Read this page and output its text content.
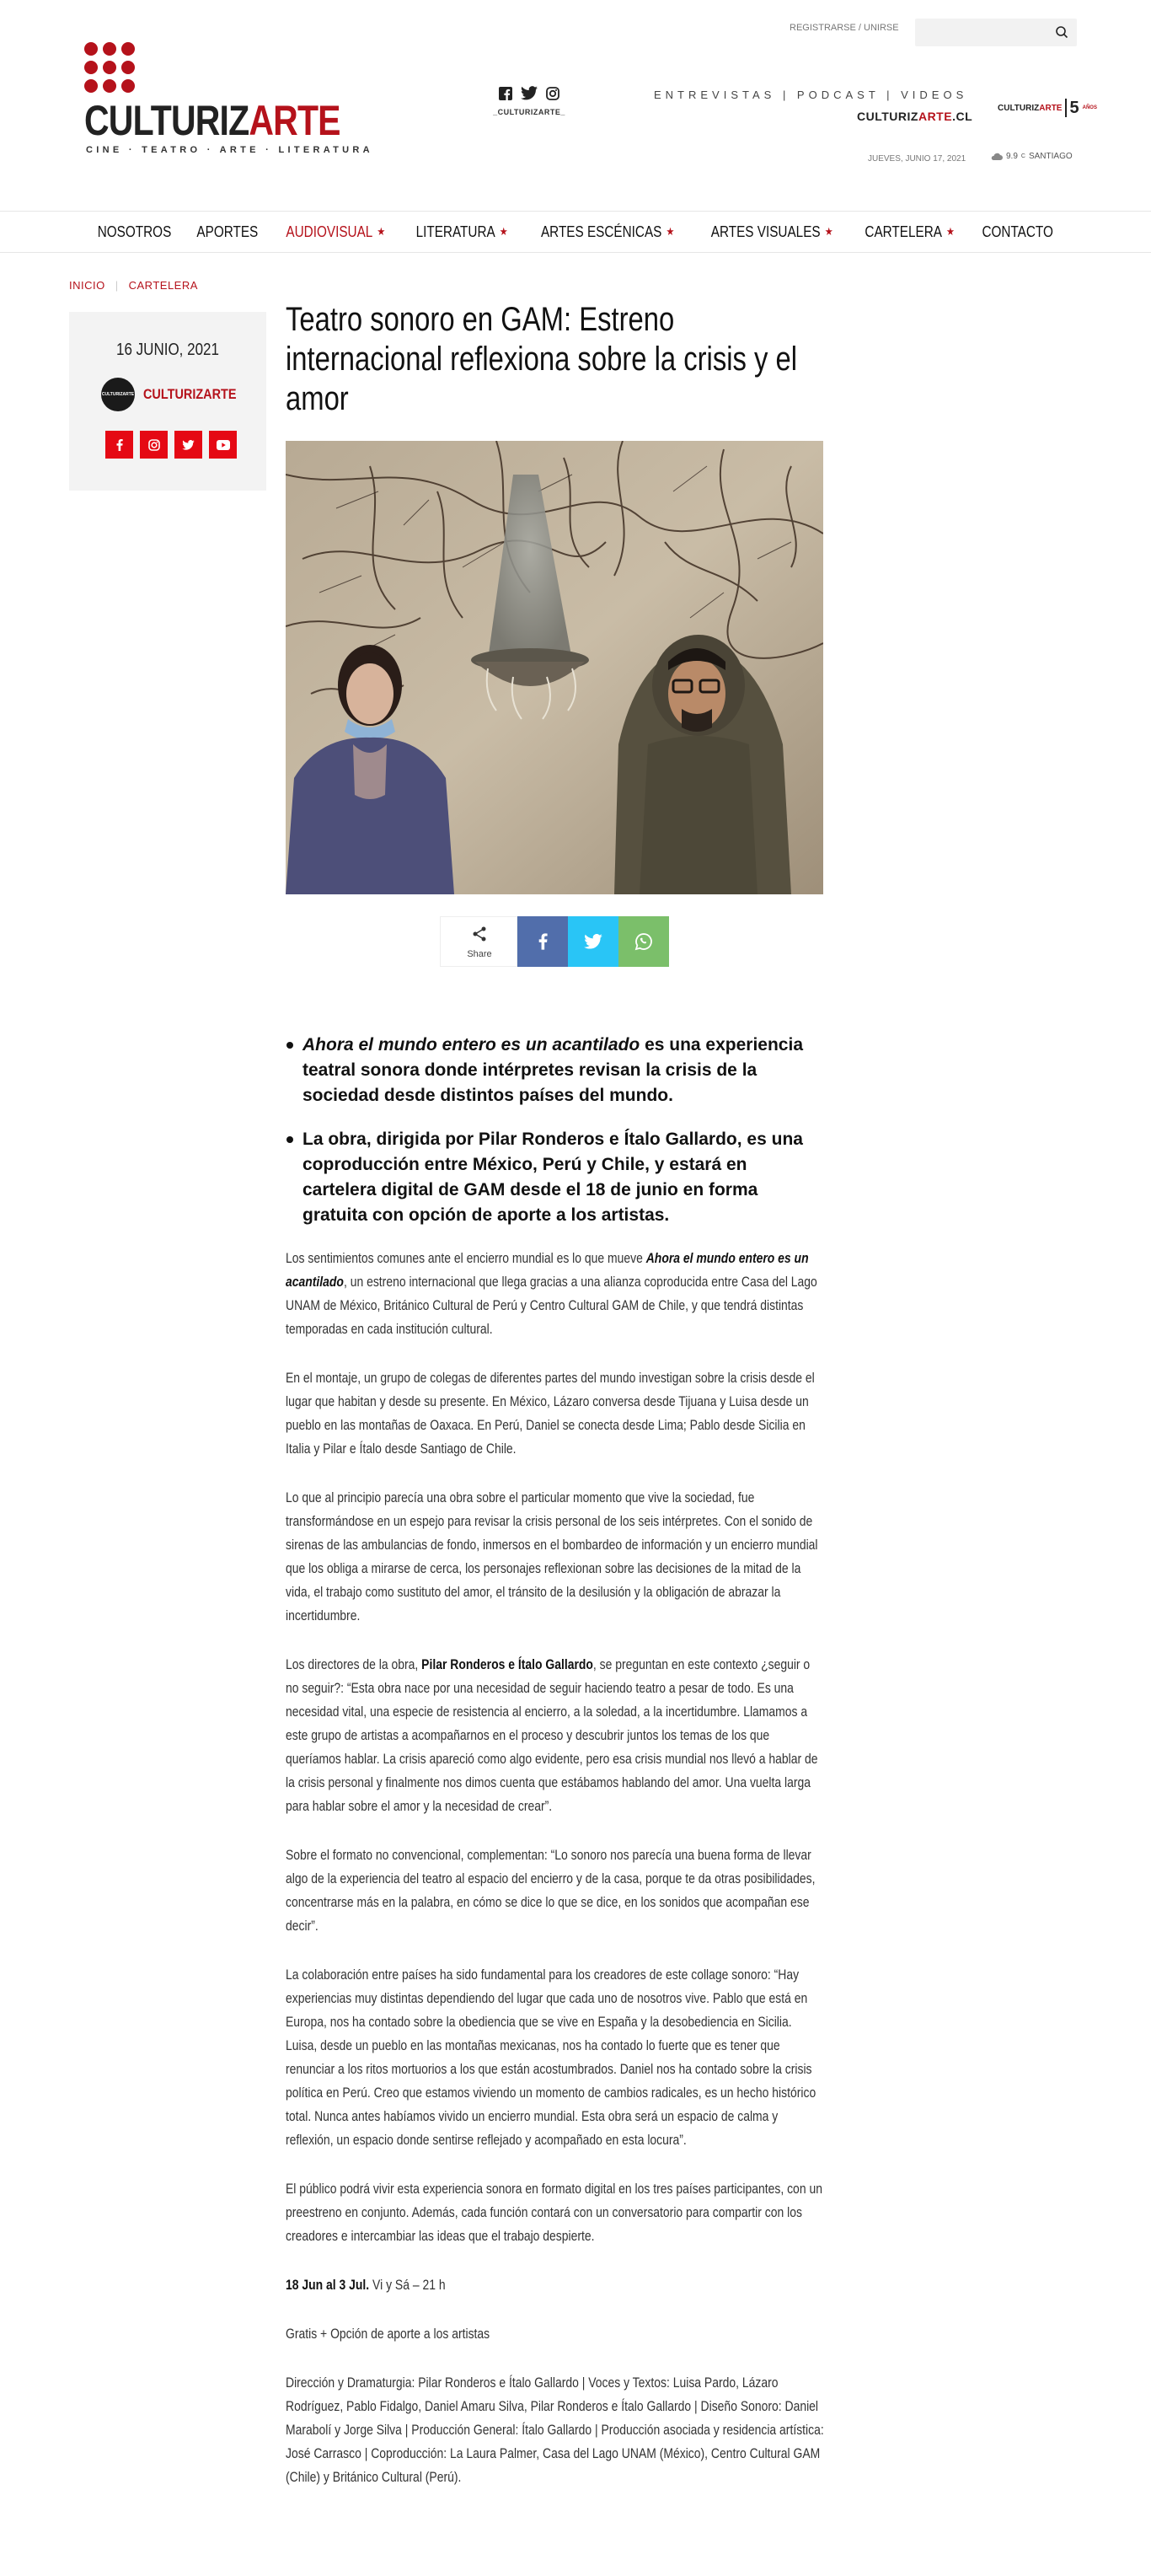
CULTURIZARTE
CINE · TEATRO · ARTE · LITERATURA
REGISTRARSE / UNIRSE
_CULTURIZARTE_
ENTREVISTAS | PODCAST | VIDEOS
CULTURIZARTE.CL
CULTURIZARTE 5 AÑOS
JUEVES, JUNIO 17, 2021	9.9 C SANTIAGO
NOSOTROS APORTES AUDIOVISUAL ★ LITERATURA ★ ARTES ESCÉNICAS ★ ARTES VISUALES ★ CARTELERA ★ CONTACTO
INICIO | CARTELERA
16 JUNIO, 2021
CULTURIZARTE CULTURIZARTE
Teatro sonoro en GAM: Estreno internacional reflexiona sobre la crisis y el amor
Share
Ahora el mundo entero es un acantilado es una experiencia teatral sonora donde intérpretes revisan la crisis de la sociedad desde distintos países del mundo.
La obra, dirigida por Pilar Ronderos e Ítalo Gallardo, es una coproducción entre México, Perú y Chile, y estará en cartelera digital de GAM desde el 18 de junio en forma gratuita con opción de aporte a los artistas.

Los sentimientos comunes ante el encierro mundial es lo que mueve Ahora el mundo entero es un acantilado, un estreno internacional que llega gracias a una alianza coproducida entre Casa del Lago UNAM de México, Británico Cultural de Perú y Centro Cultural GAM de Chile, y que tendrá distintas temporadas en cada institución cultural.

En el montaje, un grupo de colegas de diferentes partes del mundo investigan sobre la crisis desde el lugar que habitan y desde su presente. En México, Lázaro conversa desde Tijuana y Luisa desde un pueblo en las montañas de Oaxaca. En Perú, Daniel se conecta desde Lima; Pablo desde Sicilia en Italia y Pilar e Ítalo desde Santiago de Chile.

Lo que al principio parecía una obra sobre el particular momento que vive la sociedad, fue transformándose en un espejo para revisar la crisis personal de los seis intérpretes. Con el sonido de sirenas de las ambulancias de fondo, inmersos en el bombardeo de información y un encierro mundial que los obliga a mirarse de cerca, los personajes reflexionan sobre las decisiones de la mitad de la vida, el trabajo como sustituto del amor, el tránsito de la desilusión y la obligación de abrazar la incertidumbre.

Los directores de la obra, Pilar Ronderos e Ítalo Gallardo, se preguntan en este contexto ¿seguir o no seguir?: “Esta obra nace por una necesidad de seguir haciendo teatro a pesar de todo. Es una necesidad vital, una especie de resistencia al encierro, a la soledad, a la incertidumbre. Llamamos a este grupo de artistas a acompañarnos en el proceso y descubrir juntos los temas de los que queríamos hablar. La crisis apareció como algo evidente, pero esa crisis mundial nos llevó a hablar de la crisis personal y finalmente nos dimos cuenta que estábamos hablando del amor. Una vuelta larga para hablar sobre el amor y la necesidad de crear”.

Sobre el formato no convencional, complementan: “Lo sonoro nos parecía una buena forma de llevar algo de la experiencia del teatro al espacio del encierro y de la casa, porque te da otras posibilidades, concentrarse más en la palabra, en cómo se dice lo que se dice, en los sonidos que acompañan ese decir”.

La colaboración entre países ha sido fundamental para los creadores de este collage sonoro: “Hay experiencias muy distintas dependiendo del lugar que cada uno de nosotros vive. Pablo que está en Europa, nos ha contado sobre la obediencia que se vive en España y la desobediencia en Sicilia. Luisa, desde un pueblo en las montañas mexicanas, nos ha contado lo fuerte que es tener que renunciar a los ritos mortuorios a los que están acostumbrados. Daniel nos ha contado sobre la crisis política en Perú. Creo que estamos viviendo un momento de cambios radicales, es un hecho histórico total. Nunca antes habíamos vivido un encierro mundial. Esta obra será un espacio de calma y reflexión, un espacio donde sentirse reflejado y acompañado en esta locura”.

El público podrá vivir esta experiencia sonora en formato digital en los tres países participantes, con un preestreno en conjunto. Además, cada función contará con un conversatorio para compartir con los creadores e intercambiar las ideas que el trabajo despierte.

18 Jun al 3 Jul. Vi y Sá – 21 h

Gratis + Opción de aporte a los artistas

Dirección y Dramaturgia: Pilar Ronderos e Ítalo Gallardo | Voces y Textos: Luisa Pardo, Lázaro Rodríguez, Pablo Fidalgo, Daniel Amaru Silva, Pilar Ronderos e Ítalo Gallardo | Diseño Sonoro: Daniel Marabolí y Jorge Silva | Producción General: Ítalo Gallardo | Producción asociada y residencia artística: José Carrasco | Coproducción: La Laura Palmer, Casa del Lago UNAM (México), Centro Cultural GAM (Chile) y Británico Cultural (Perú).
